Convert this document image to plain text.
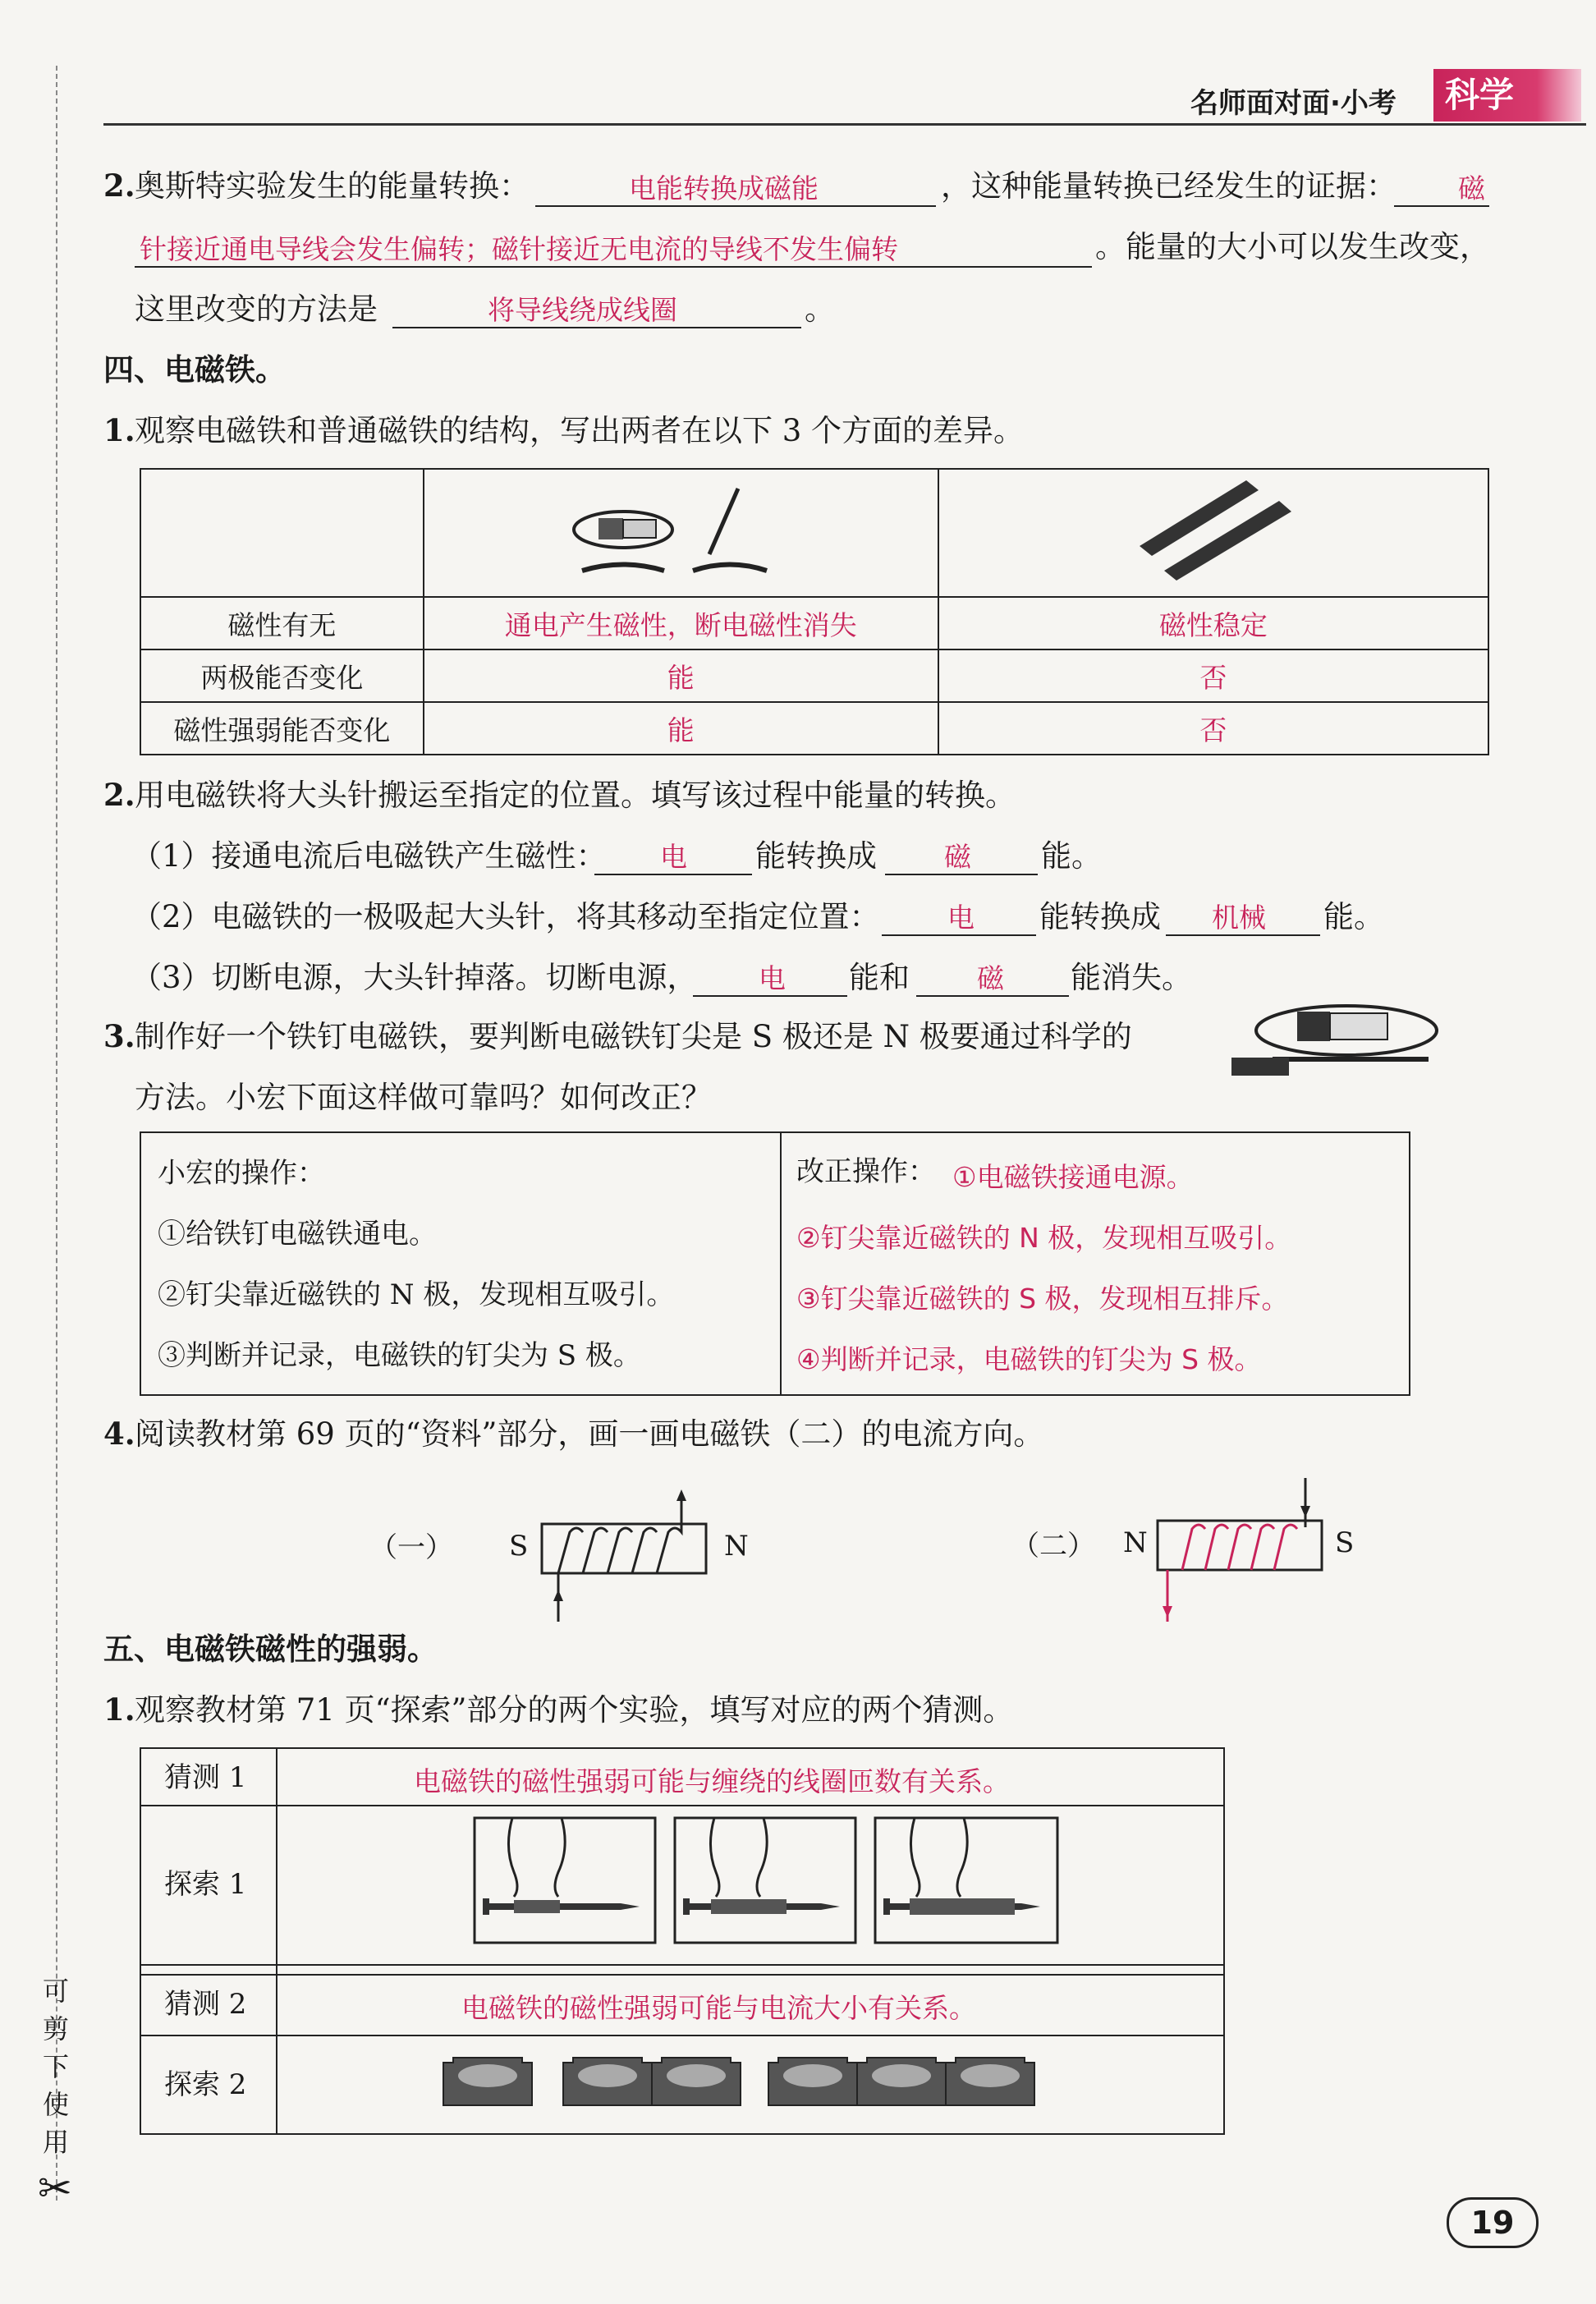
可
剪
下
使
用
✂
名师面对面·小考	科学
2. 奥斯特实验发生的能量转换：	电能转换成磁能	，这种能量转换已经发生的证据： 磁
针接近通电导线会发生偏转；磁针接近无电流的导线不发生偏转	。能量的大小可以发生改变，
这里改变的方法是	将导线绕成线圈	。
四、电磁铁。
1. 观察电磁铁和普通磁铁的结构，写出两者在以下 3 个方面的差异。

磁性有无	通电产生磁性，断电磁性消失	磁性稳定
两极能否变化	能	否
磁性强弱能否变化	能	否
2. 用电磁铁将大头针搬运至指定的位置。填写该过程中能量的转换。
（1）接通电流后电磁铁产生磁性： 电 能转换成 磁 能。
（2）电磁铁的一极吸起大头针，将其移动至指定位置： 电 能转换成 机械 能。
（3）切断电源，大头针掉落。切断电源， 电 能和 磁 能消失。
3. 制作好一个铁钉电磁铁，要判断电磁铁钉尖是 S 极还是 N 极要通过科学的
方法。小宏下面这样做可靠吗？如何改正？
小宏的操作：
①给铁钉电磁铁通电。
②钉尖靠近磁铁的 N 极，发现相互吸引。
③判断并记录，电磁铁的钉尖为 S 极。
改正操作： ①电磁铁接通电源。
②钉尖靠近磁铁的 N 极，发现相互吸引。
③钉尖靠近磁铁的 S 极，发现相互排斥。
④判断并记录，电磁铁的钉尖为 S 极。
4. 阅读教材第 69 页的“资料”部分，画一画电磁铁（二）的电流方向。
（一） S	N	（二） N	S
五、电磁铁磁性的强弱。
1. 观察教材第 71 页“探索”部分的两个实验，填写对应的两个猜测。
猜测 1	电磁铁的磁性强弱可能与缠绕的线圈匝数有关系。
探索 1
猜测 2	电磁铁的磁性强弱可能与电流大小有关系。
探索 2
19
